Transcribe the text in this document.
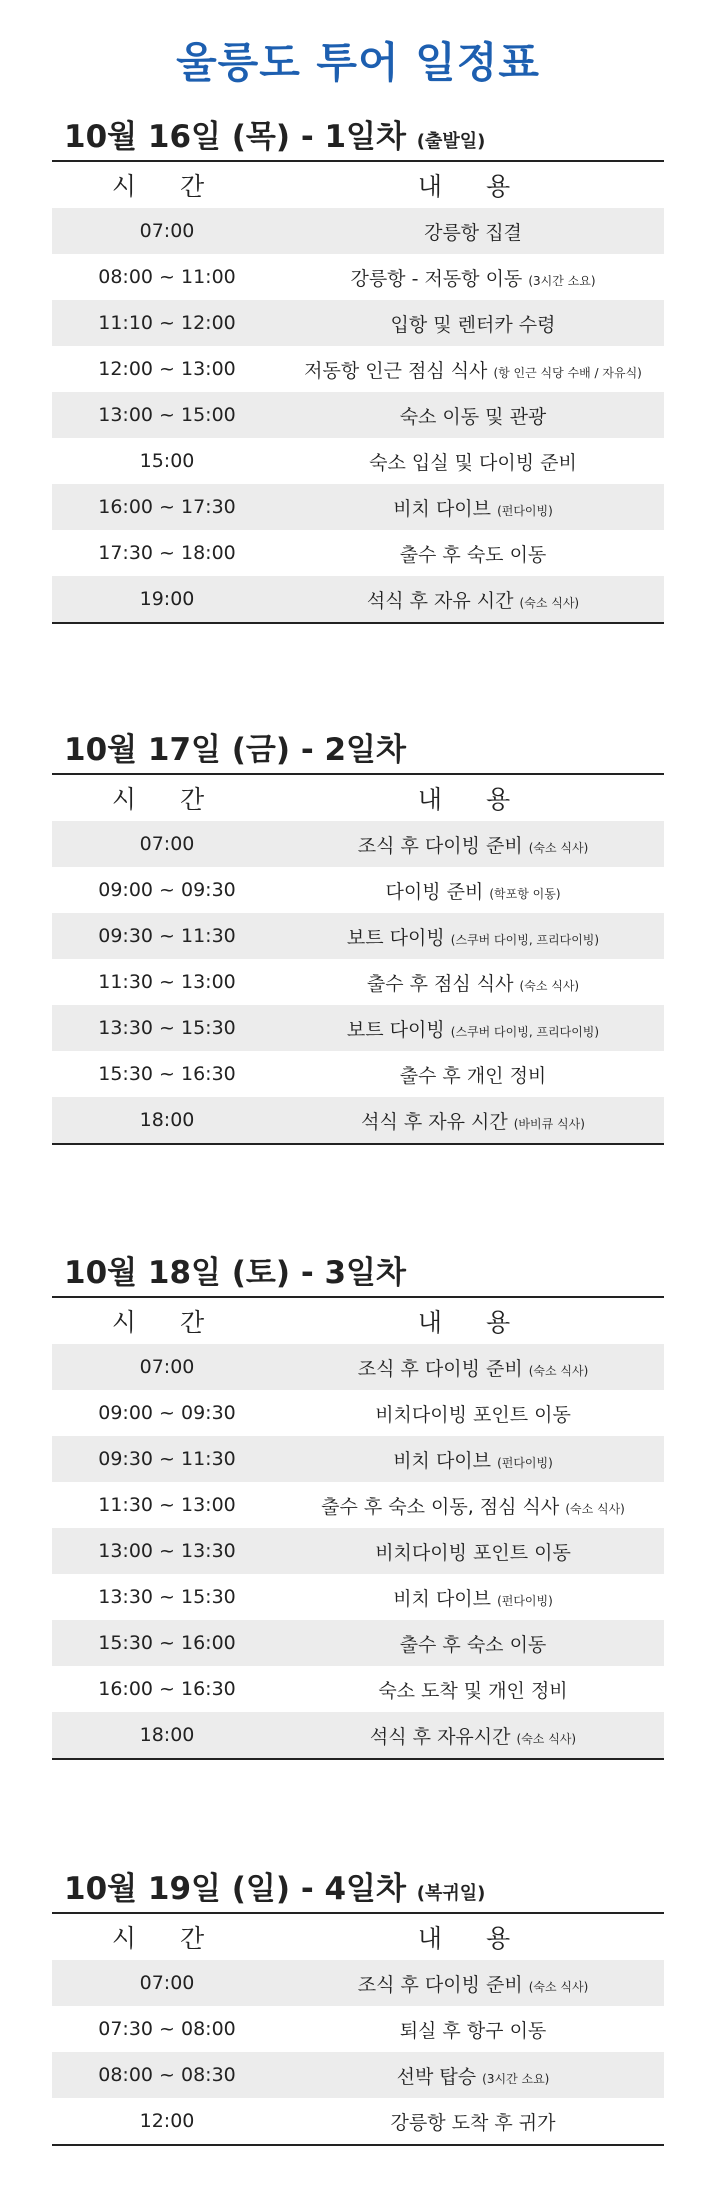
울릉도 투어 일정표
10월 16일 (목) - 1일차 (출발일)
시 간	내 용
07:00	강릉항 집결
08:00 ~ 11:00	강릉항 - 저동항 이동 (3시간 소요)
11:10 ~ 12:00	입항 및 렌터카 수령
12:00 ~ 13:00	저동항 인근 점심 식사 (항 인근 식당 수배 / 자유식)
13:00 ~ 15:00	숙소 이동 및 관광
15:00	숙소 입실 및 다이빙 준비
16:00 ~ 17:30	비치 다이브 (펀다이빙)
17:30 ~ 18:00	출수 후 숙도 이동
19:00	석식 후 자유 시간 (숙소 식사)
10월 17일 (금) - 2일차
시 간	내 용
07:00	조식 후 다이빙 준비 (숙소 식사)
09:00 ~ 09:30	다이빙 준비 (학포항 이동)
09:30 ~ 11:30	보트 다이빙 (스쿠버 다이빙, 프리다이빙)
11:30 ~ 13:00	출수 후 점심 식사 (숙소 식사)
13:30 ~ 15:30	보트 다이빙 (스쿠버 다이빙, 프리다이빙)
15:30 ~ 16:30	출수 후 개인 정비
18:00	석식 후 자유 시간 (바비큐 식사)
10월 18일 (토) - 3일차
시 간	내 용
07:00	조식 후 다이빙 준비 (숙소 식사)
09:00 ~ 09:30	비치다이빙 포인트 이동
09:30 ~ 11:30	비치 다이브 (펀다이빙)
11:30 ~ 13:00	출수 후 숙소 이동, 점심 식사 (숙소 식사)
13:00 ~ 13:30	비치다이빙 포인트 이동
13:30 ~ 15:30	비치 다이브 (펀다이빙)
15:30 ~ 16:00	출수 후 숙소 이동
16:00 ~ 16:30	숙소 도착 및 개인 정비
18:00	석식 후 자유시간 (숙소 식사)
10월 19일 (일) - 4일차 (복귀일)
시 간	내 용
07:00	조식 후 다이빙 준비 (숙소 식사)
07:30 ~ 08:00	퇴실 후 항구 이동
08:00 ~ 08:30	선박 탑승 (3시간 소요)
12:00	강릉항 도착 후 귀가
